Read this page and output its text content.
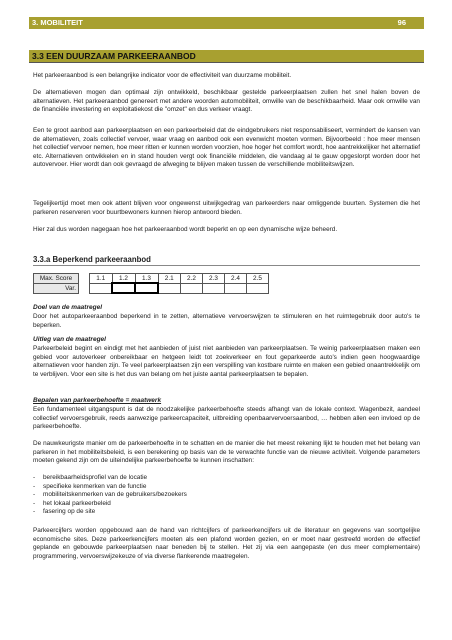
3. MOBILITEIT	96
3.3 EEN DUURZAAM PARKEERAANBOD

Het parkeeraanbod is een belangrijke indicator voor de effectiviteit van duurzame mobiliteit.

De alternatieven mogen dan optimaal zijn ontwikkeld, beschikbaar gestelde parkeerplaatsen zullen het snel halen boven de alternatieven. Het parkeeraanbod genereert met andere woorden automobiliteit, omwille van de beschikbaarheid. Maar ook omwille van de financiële investering en exploitatiekost die "omzet" en dus verkeer vraagt.

Een te groot aanbod aan parkeerplaatsen en een parkeerbeleid dat de eindgebruikers niet responsabiliseert, vermindert de kansen van de alternatieven, zoals collectief vervoer, waar vraag en aanbod ook een evenwicht moeten vormen. Bijvoorbeeld : hoe meer mensen het collectief vervoer nemen, hoe meer ritten er kunnen worden voorzien, hoe hoger het comfort wordt, hoe aantrekkelijker het alternatief etc. Alternatieven ontwikkelen en in stand houden vergt ook financiële middelen, die vandaag al te gauw opgeslorpt worden door het autovervoer. Hier wordt dan ook gevraagd de afweging te blijven maken tussen de verschillende mobiliteitswijzen.

Tegelijkertijd moet men ook attent blijven voor ongewenst uitwijkgedrag van parkeerders naar omliggende buurten. Systemen die het parkeren reserveren voor buurtbewoners kunnen hierop antwoord bieden.

Hier zal dus worden nagegaan hoe het parkeeraanbod wordt beperkt en op een dynamische wijze beheerd.

3.3.a Beperkend parkeeraanbod
Max. Score		1.1	1.2	1.3	2.1	2.2	2.3	2.4	2.5
Var.									
Doel van de maatregel

Door het autoparkeeraanbod beperkend in te zetten, alternatieve vervoerswijzen te stimuleren en het ruimtegebruik door auto's te beperken.

Uitleg van de maatregel

Parkeerbeleid begint en eindigt met het aanbieden of juist niet aanbieden van parkeerplaatsen. Te weinig parkeerplaatsen maken een gebied voor autoverkeer onbereikbaar en hetgeen leidt tot zoekverkeer en fout geparkeerde auto's indien geen hoogwaardige alternatieven voor handen zijn. Te veel parkeerplaatsen zijn een verspilling van kostbare ruimte en maken een gebied onaantrekkelijk om te verblijven. Voor een site is het dus van belang om het juiste aantal parkeerplaatsen te bepalen.

Bepalen van parkeerbehoefte = maatwerk

Een fundamenteel uitgangspunt is dat de noodzakelijke parkeerbehoefte steeds afhangt van de lokale context. Wagenbezit, aandeel collectief vervoersgebruik, reeds aanwezige parkeercapaciteit, uitbreiding openbaarvervoersaanbod, … hebben allen een invloed op de parkeerbehoefte.

De nauwkeurigste manier om de parkeerbehoefte in te schatten en de manier die het meest rekening lijkt te houden met het belang van parkeren in het mobiliteitsbeleid, is een berekening op basis van de te verwachte functie van de nieuwe activiteit. Volgende parameters moeten gekend zijn om de uiteindelijke parkeerbehoefte te kunnen inschatten:

- bereikbaarheidsprofiel van de locatie
- specifieke kenmerken van de functie
- mobiliteitskenmerken van de gebruikers/bezoekers
- het lokaal parkeerbeleid
- fasering op de site

Parkeercijfers worden opgebouwd aan de hand van richtcijfers of parkeerkencijfers uit de literatuur en gegevens van soortgelijke economische sites. Deze parkeerkencijfers moeten als een plafond worden gezien, en er moet naar gestreefd worden de effectief geplande en gebouwde parkeerplaatsen naar beneden bij te stellen. Het zij via een aangepaste (en dus meer complementaire) programmering, vervoerswijzekeuze of via diverse flankerende maatregelen.
